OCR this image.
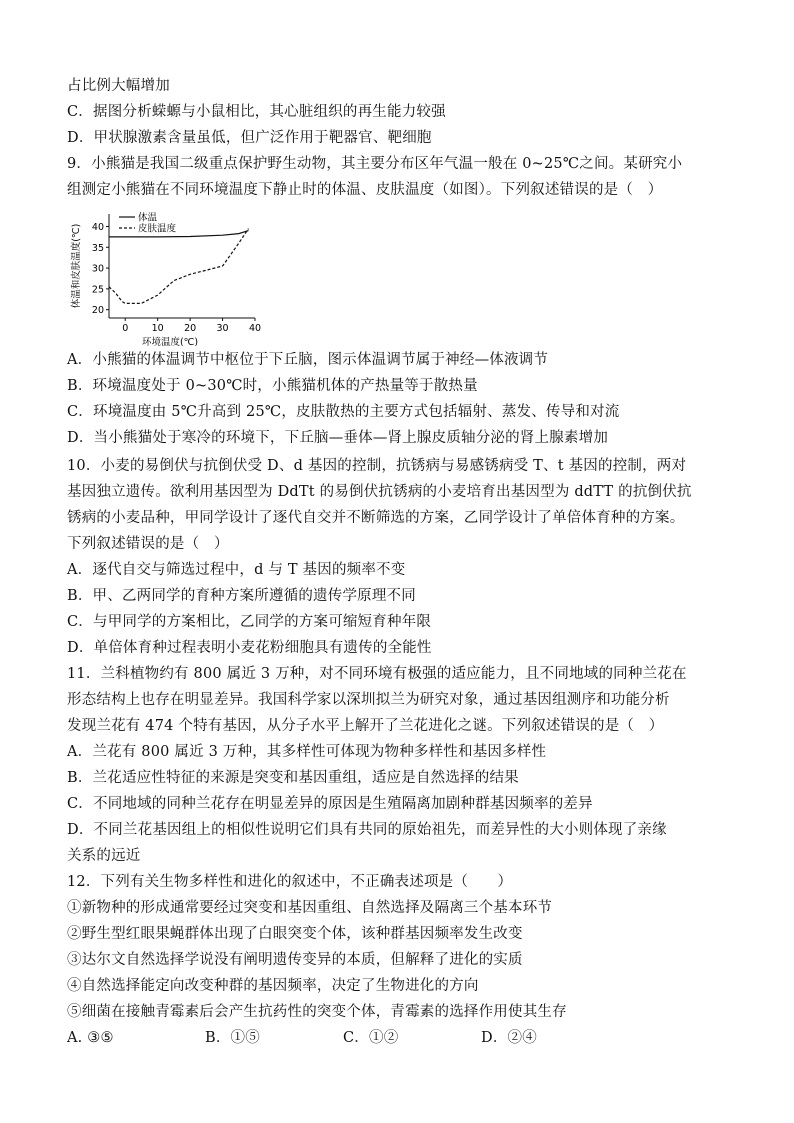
占比例大幅增加
C．据图分析蝾螈与小鼠相比，其心脏组织的再生能力较强
D．甲状腺激素含量虽低，但广泛作用于靶器官、靶细胞
9．小熊猫是我国二级重点保护野生动物，其主要分布区年气温一般在 0~25℃之间。某研究小
组测定小熊猫在不同环境温度下静止时的体温、皮肤温度（如图）。下列叙述错误的是（　）
0 10 20 30 40
20
25
30
35
40
体温
皮肤温度
体温和皮肤温度(℃)
环境温度(℃)
A．小熊猫的体温调节中枢位于下丘脑，图示体温调节属于神经—体液调节
B．环境温度处于 0~30℃时，小熊猫机体的产热量等于散热量
C．环境温度由 5℃升高到 25℃，皮肤散热的主要方式包括辐射、蒸发、传导和对流
D．当小熊猫处于寒冷的环境下，下丘脑—垂体—肾上腺皮质轴分泌的肾上腺素增加
10．小麦的易倒伏与抗倒伏受 D、d 基因的控制，抗锈病与易感锈病受 T、t 基因的控制，两对
基因独立遗传。欲利用基因型为 DdTt 的易倒伏抗锈病的小麦培育出基因型为 ddTT 的抗倒伏抗
锈病的小麦品种，甲同学设计了逐代自交并不断筛选的方案，乙同学设计了单倍体育种的方案。
下列叙述错误的是（　）
A．逐代自交与筛选过程中，d 与 T 基因的频率不变
B．甲、乙两同学的育种方案所遵循的遗传学原理不同
C．与甲同学的方案相比，乙同学的方案可缩短育种年限
D．单倍体育种过程表明小麦花粉细胞具有遗传的全能性
11．兰科植物约有 800 属近 3 万种，对不同环境有极强的适应能力，且不同地域的同种兰花在
形态结构上也存在明显差异。我国科学家以深圳拟兰为研究对象，通过基因组测序和功能分析
发现兰花有 474 个特有基因，从分子水平上解开了兰花进化之谜。下列叙述错误的是（　）
A．兰花有 800 属近 3 万种，其多样性可体现为物种多样性和基因多样性
B．兰花适应性特征的来源是突变和基因重组，适应是自然选择的结果
C．不同地域的同种兰花存在明显差异的原因是生殖隔离加剧种群基因频率的差异
D．不同兰花基因组上的相似性说明它们具有共同的原始祖先，而差异性的大小则体现了亲缘
关系的远近
12．下列有关生物多样性和进化的叙述中，不正确表述项是（　　）
①新物种的形成通常要经过突变和基因重组、自然选择及隔离三个基本环节
②野生型红眼果蝇群体出现了白眼突变个体，该种群基因频率发生改变
③达尔文自然选择学说没有阐明遗传变异的本质，但解释了进化的实质
④自然选择能定向改变种群的基因频率，决定了生物进化的方向
⑤细菌在接触青霉素后会产生抗药性的突变个体，青霉素的选择作用使其生存
A. ③⑤	B．①⑤	C．①②	D．②④
